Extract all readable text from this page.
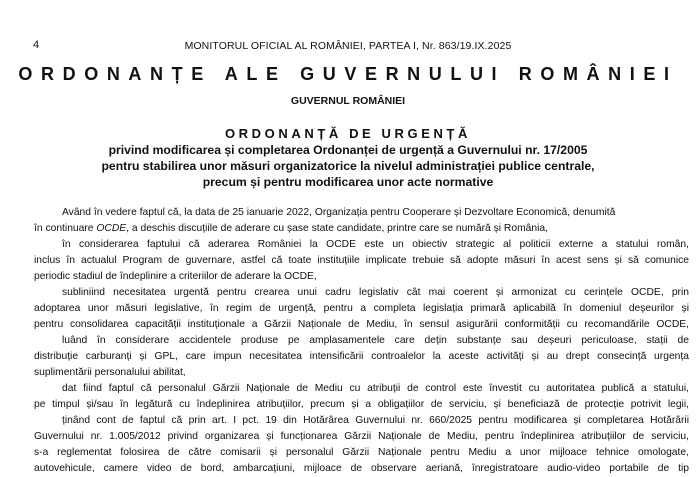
4	MONITORUL OFICIAL AL ROMÂNIEI, PARTEA I, Nr. 863/19.IX.2025
ORDONANȚE ALE GUVERNULUI ROMÂNIEI
GUVERNUL ROMÂNIEI
ORDONANȚĂ DE URGENȚĂ
privind modificarea și completarea Ordonanței de urgență a Guvernului nr. 17/2005
pentru stabilirea unor măsuri organizatorice la nivelul administrației publice centrale,
precum și pentru modificarea unor acte normative
Având în vedere faptul că, la data de 25 ianuarie 2022, Organizația pentru Cooperare și Dezvoltare Economică, denumită
în continuare OCDE, a deschis discuțiile de aderare cu șase state candidate, printre care se numără și România,
în considerarea faptului că aderarea României la OCDE este un obiectiv strategic al politicii externe a statului român,
inclus în actualul Program de guvernare, astfel că toate instituțiile implicate trebuie să adopte măsuri în acest sens și să comunice
periodic stadiul de îndeplinire a criteriilor de aderare la OCDE,
subliniind necesitatea urgentă pentru crearea unui cadru legislativ cât mai coerent și armonizat cu cerințele OCDE, prin
adoptarea unor măsuri legislative, în regim de urgență, pentru a completa legislația primară aplicabilă în domeniul deșeurilor și
pentru consolidarea capacității instituționale a Gărzii Naționale de Mediu, în sensul asigurării conformității cu recomandările OCDE,
luând în considerare accidentele produse pe amplasamentele care dețin substanțe sau deșeuri periculoase, stații de
distribuție carburanți și GPL, care impun necesitatea intensificării controalelor la aceste activități și au drept consecință urgența
suplimentării personalului abilitat,
dat fiind faptul că personalul Gărzii Naționale de Mediu cu atribuții de control este învestit cu autoritatea publică a statului,
pe timpul și/sau în legătură cu îndeplinirea atribuțiilor, precum și a obligațiilor de serviciu, și beneficiază de protecție potrivit legii,
ținând cont de faptul că prin art. I pct. 19 din Hotărârea Guvernului nr. 660/2025 pentru modificarea și completarea Hotărârii
Guvernului nr. 1.005/2012 privind organizarea și funcționarea Gărzii Naționale de Mediu, pentru îndeplinirea atribuțiilor de serviciu,
s-a reglementat folosirea de către comisarii și personalul Gărzii Naționale pentru Mediu a unor mijloace tehnice omologate,
autovehicule, camere video de bord, ambarcațiuni, mijloace de observare aeriană, înregistratoare audio-video portabile de tip
